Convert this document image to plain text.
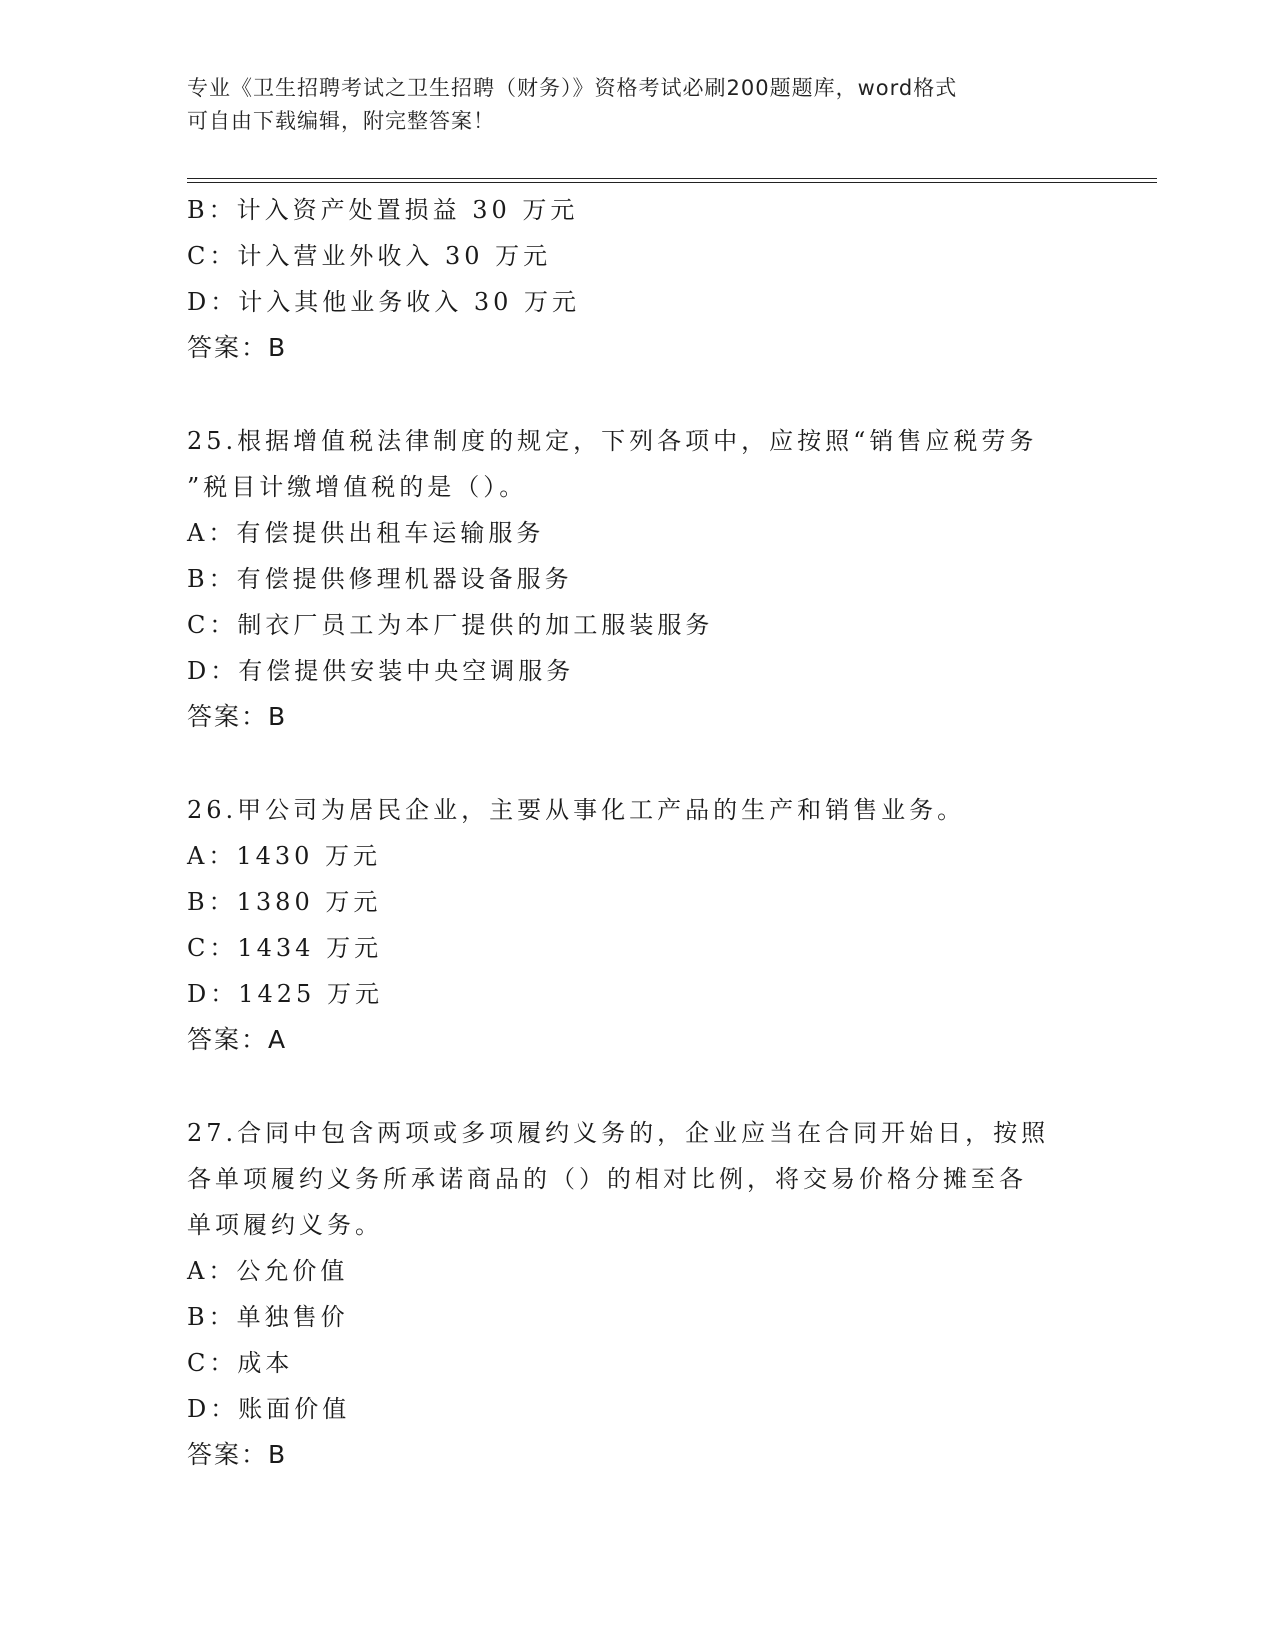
专业《卫生招聘考试之卫生招聘（财务）》资格考试必刷200题题库，word格式

可自由下载编辑，附完整答案！

B：计入资产处置损益 30 万元
C：计入营业外收入 30 万元
D：计入其他业务收入 30 万元
答案：B
25.根据增值税法律制度的规定，下列各项中，应按照“销售应税劳务
”税目计缴增值税的是（）。
A：有偿提供出租车运输服务
B：有偿提供修理机器设备服务
C：制衣厂员工为本厂提供的加工服装服务
D：有偿提供安装中央空调服务
答案：B
26.甲公司为居民企业，主要从事化工产品的生产和销售业务。
A：1430 万元
B：1380 万元
C：1434 万元
D：1425 万元
答案：A
27.合同中包含两项或多项履约义务的，企业应当在合同开始日，按照
各单项履约义务所承诺商品的（）的相对比例，将交易价格分摊至各
单项履约义务。
A：公允价值
B：单独售价
C：成本
D：账面价值
答案：B
